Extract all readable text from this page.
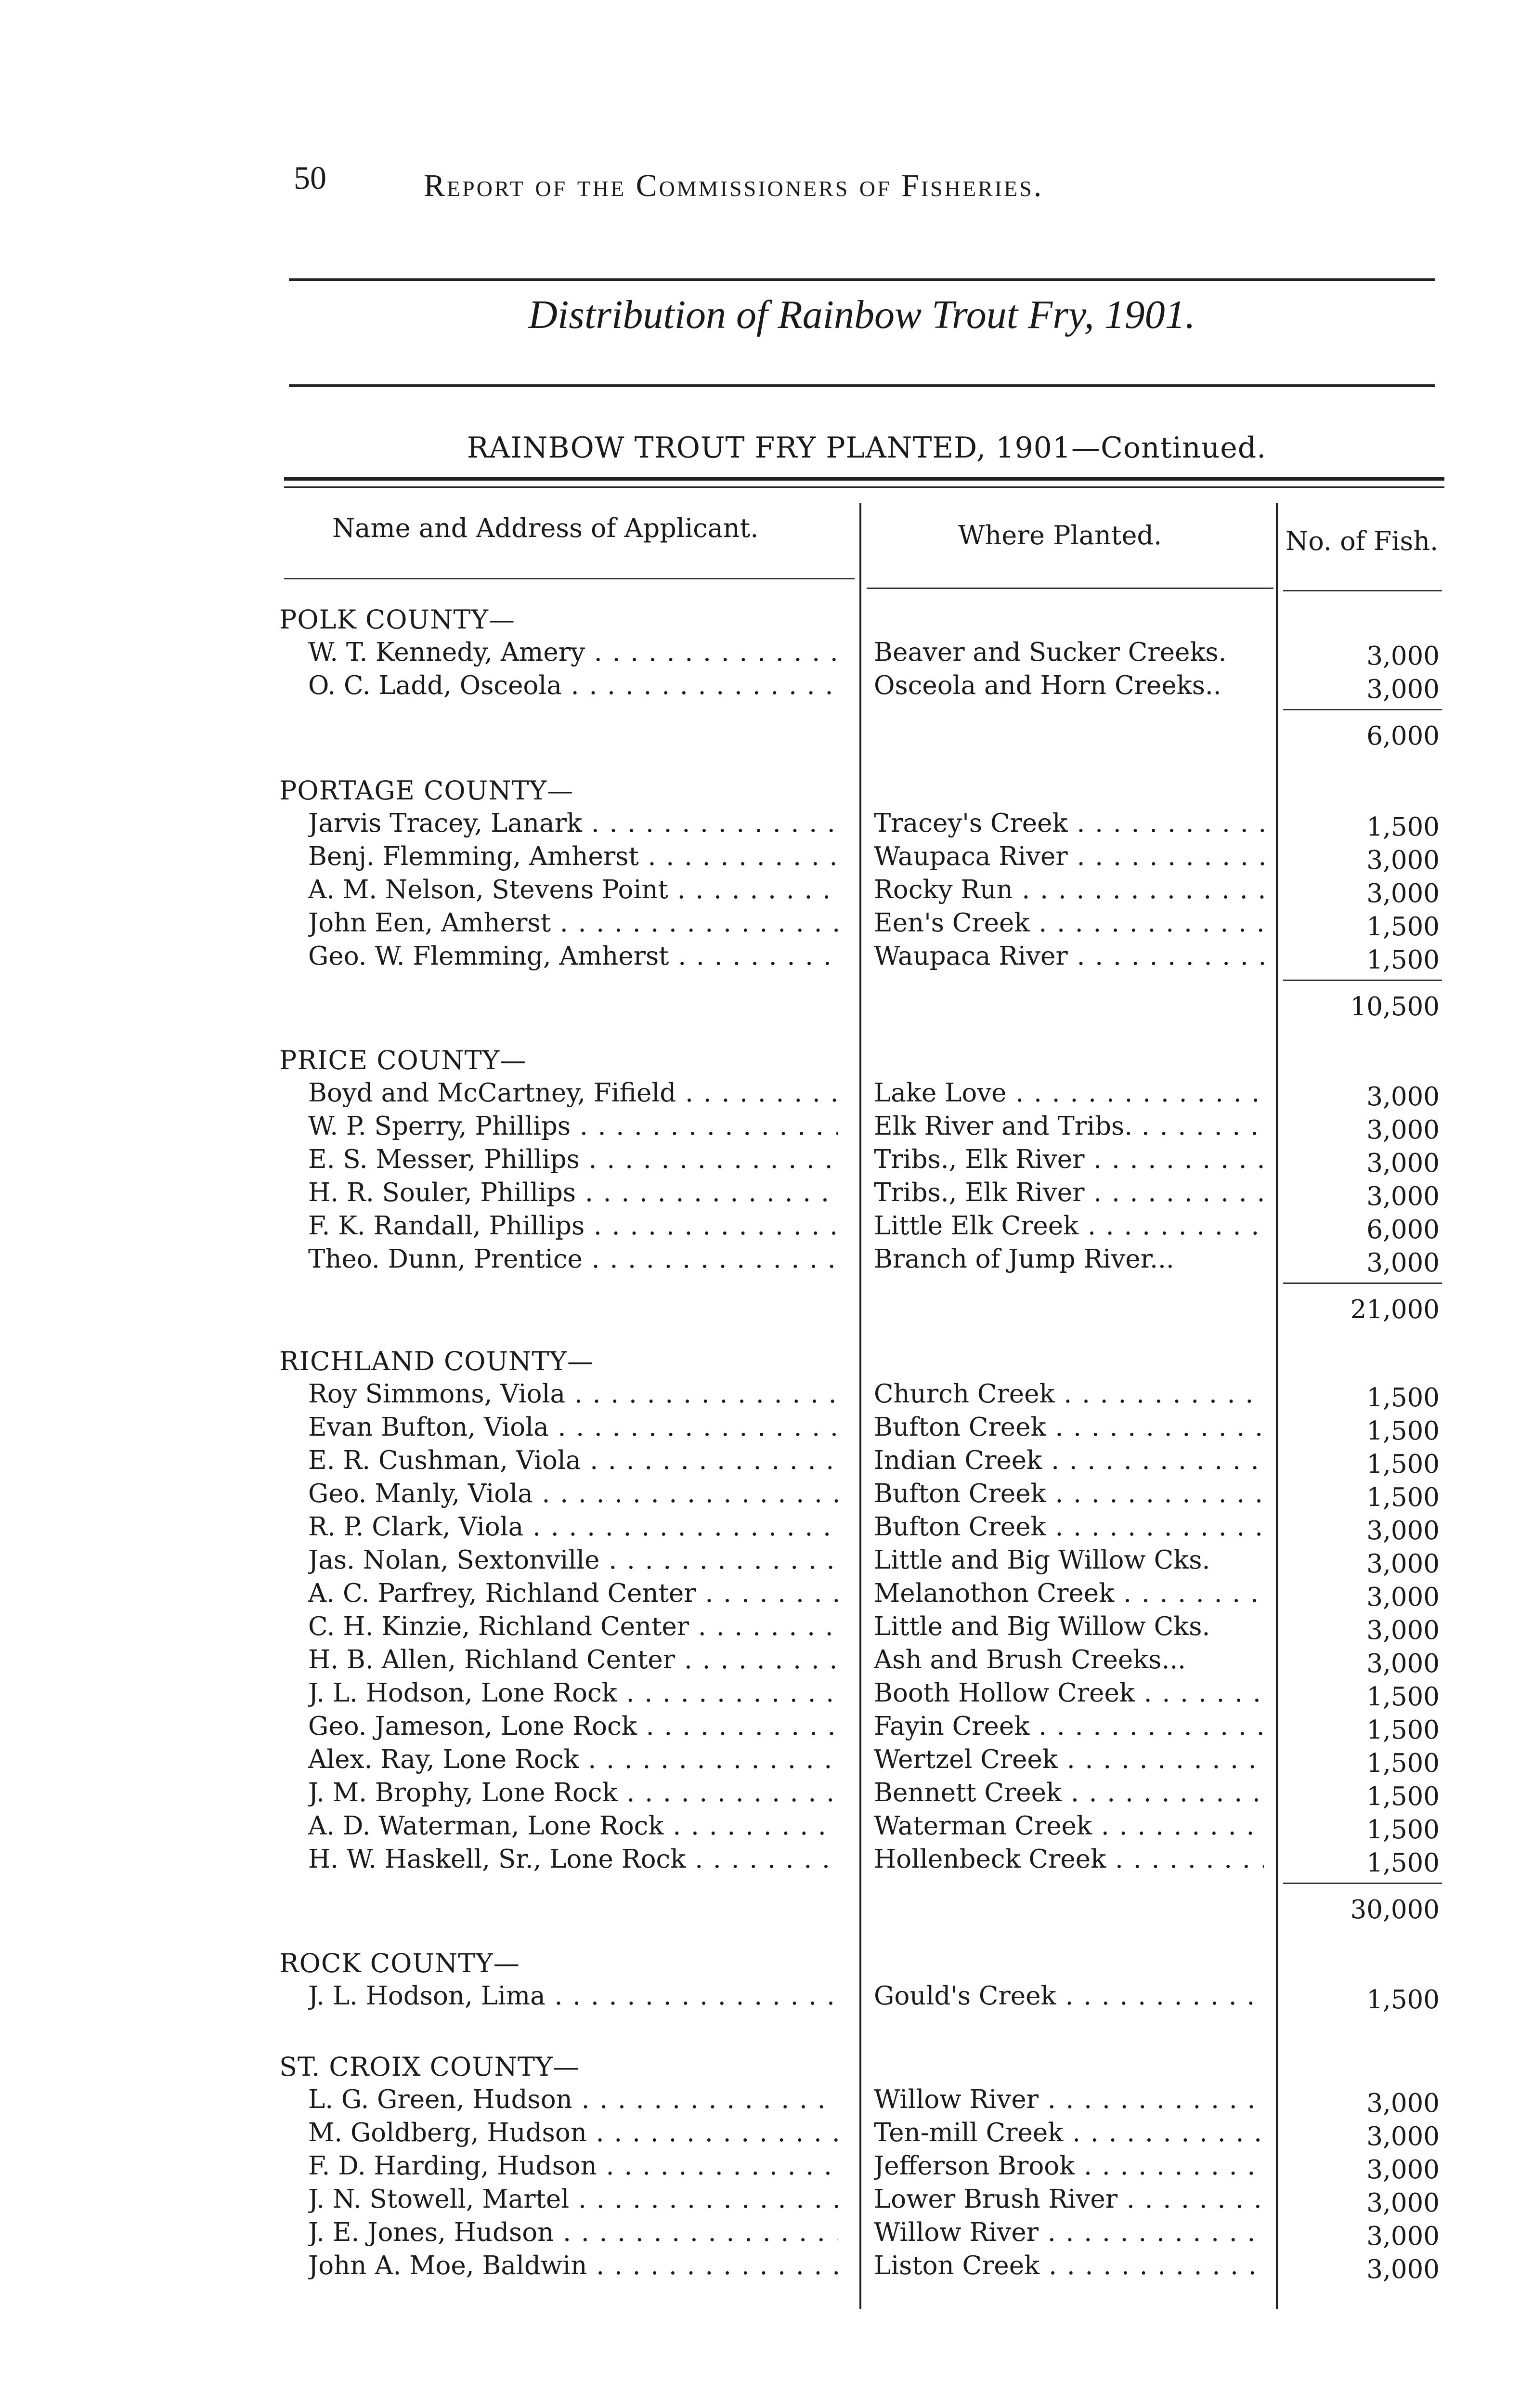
50	Report of the Commissioners of Fisheries.
Distribution of Rainbow Trout Fry, 1901.
RAINBOW TROUT FRY PLANTED, 1901—Continued.
Name and Address of Applicant.	Where Planted.	No. of Fish.
POLK COUNTY—
W. T. Kennedy, Amery . . .	Beaver and Sucker Creeks.	3,000
O. C. Ladd, Osceola . . .	Osceola and Horn Creeks..	3,000
6,000
PORTAGE COUNTY—
Jarvis Tracey, Lanark . . .	Tracey's Creek . . .	1,500
Benj. Flemming, Amherst . . .	Waupaca River . . .	3,000
A. M. Nelson, Stevens Point . . .	Rocky Run . . .	3,000
John Een, Amherst . . .	Een's Creek . . .	1,500
Geo. W. Flemming, Amherst . . .	Waupaca River . . .	1,500
10,500
PRICE COUNTY—
Boyd and McCartney, Fifield . . .	Lake Love . . .	3,000
W. P. Sperry, Phillips . . .	Elk River and Tribs. . . .	3,000
E. S. Messer, Phillips . . .	Tribs., Elk River . . .	3,000
H. R. Souler, Phillips . . .	Tribs., Elk River . . .	3,000
F. K. Randall, Phillips . . .	Little Elk Creek . . .	6,000
Theo. Dunn, Prentice . . .	Branch of Jump River...	3,000
21,000
RICHLAND COUNTY—
Roy Simmons, Viola . . .	Church Creek . . .	1,500
Evan Bufton, Viola . . .	Bufton Creek . . .	1,500
E. R. Cushman, Viola . . .	Indian Creek . . .	1,500
Geo. Manly, Viola . . .	Bufton Creek . . .	1,500
R. P. Clark, Viola . . .	Bufton Creek . . .	3,000
Jas. Nolan, Sextonville . . .	Little and Big Willow Cks.	3,000
A. C. Parfrey, Richland Center . . .	Melanothon Creek . . .	3,000
C. H. Kinzie, Richland Center . . .	Little and Big Willow Cks.	3,000
H. B. Allen, Richland Center . . .	Ash and Brush Creeks...	3,000
J. L. Hodson, Lone Rock . . .	Booth Hollow Creek . . .	1,500
Geo. Jameson, Lone Rock . . .	Fayin Creek . . .	1,500
Alex. Ray, Lone Rock . . .	Wertzel Creek . . .	1,500
J. M. Brophy, Lone Rock . . .	Bennett Creek . . .	1,500
A. D. Waterman, Lone Rock . . .	Waterman Creek . . .	1,500
H. W. Haskell, Sr., Lone Rock . . .	Hollenbeck Creek . . .	1,500
30,000
ROCK COUNTY—
J. L. Hodson, Lima . . .	Gould's Creek . . .	1,500
ST. CROIX COUNTY—
L. G. Green, Hudson . . .	Willow River . . .	3,000
M. Goldberg, Hudson . . .	Ten-mill Creek . . .	3,000
F. D. Harding, Hudson . . .	Jefferson Brook . . .	3,000
J. N. Stowell, Martel . . .	Lower Brush River . . .	3,000
J. E. Jones, Hudson . . .	Willow River . . .	3,000
John A. Moe, Baldwin . . .	Liston Creek . . .	3,000
